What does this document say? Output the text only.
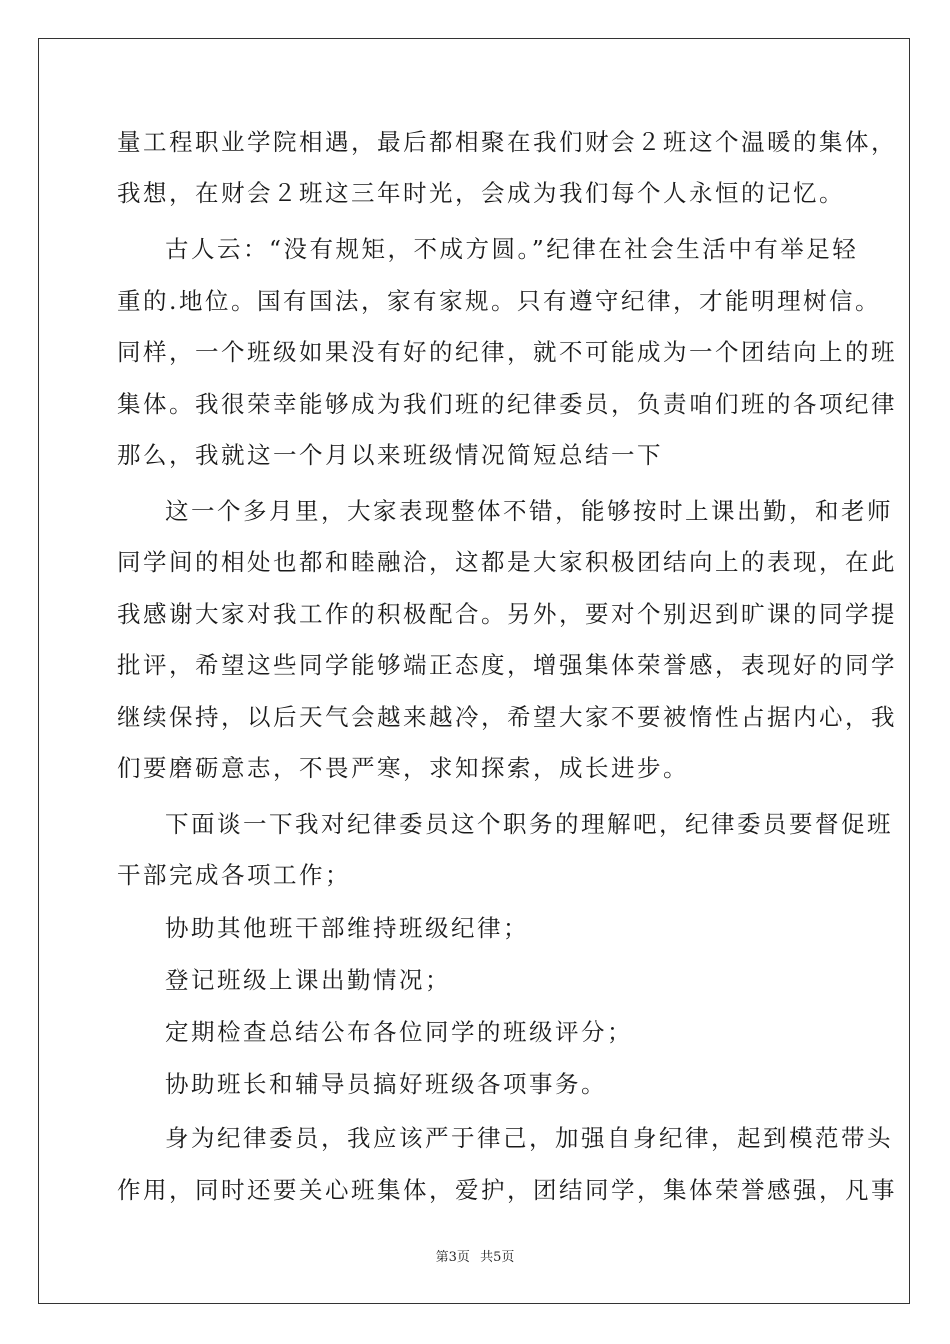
量工程职业学院相遇，最后都相聚在我们财会２班这个温暖的集体，
我想，在财会２班这三年时光，会成为我们每个人永恒的记忆。
古人云：“没有规矩，不成方圆。”纪律在社会生活中有举足轻
重的.地位。国有国法，家有家规。只有遵守纪律，才能明理树信。
同样，一个班级如果没有好的纪律，就不可能成为一个团结向上的班
集体。我很荣幸能够成为我们班的纪律委员，负责咱们班的各项纪律
那么，我就这一个月以来班级情况简短总结一下
这一个多月里，大家表现整体不错，能够按时上课出勤，和老师
同学间的相处也都和睦融洽，这都是大家积极团结向上的表现，在此
我感谢大家对我工作的积极配合。另外，要对个别迟到旷课的同学提
批评，希望这些同学能够端正态度，增强集体荣誉感，表现好的同学
继续保持，以后天气会越来越冷，希望大家不要被惰性占据内心，我
们要磨砺意志，不畏严寒，求知探索，成长进步。
下面谈一下我对纪律委员这个职务的理解吧，纪律委员要督促班
干部完成各项工作；
协助其他班干部维持班级纪律；
登记班级上课出勤情况；
定期检查总结公布各位同学的班级评分；
协助班长和辅导员搞好班级各项事务。
身为纪律委员，我应该严于律己，加强自身纪律，起到模范带头
作用，同时还要关心班集体，爱护，团结同学，集体荣誉感强，凡事
第3页 共5页
